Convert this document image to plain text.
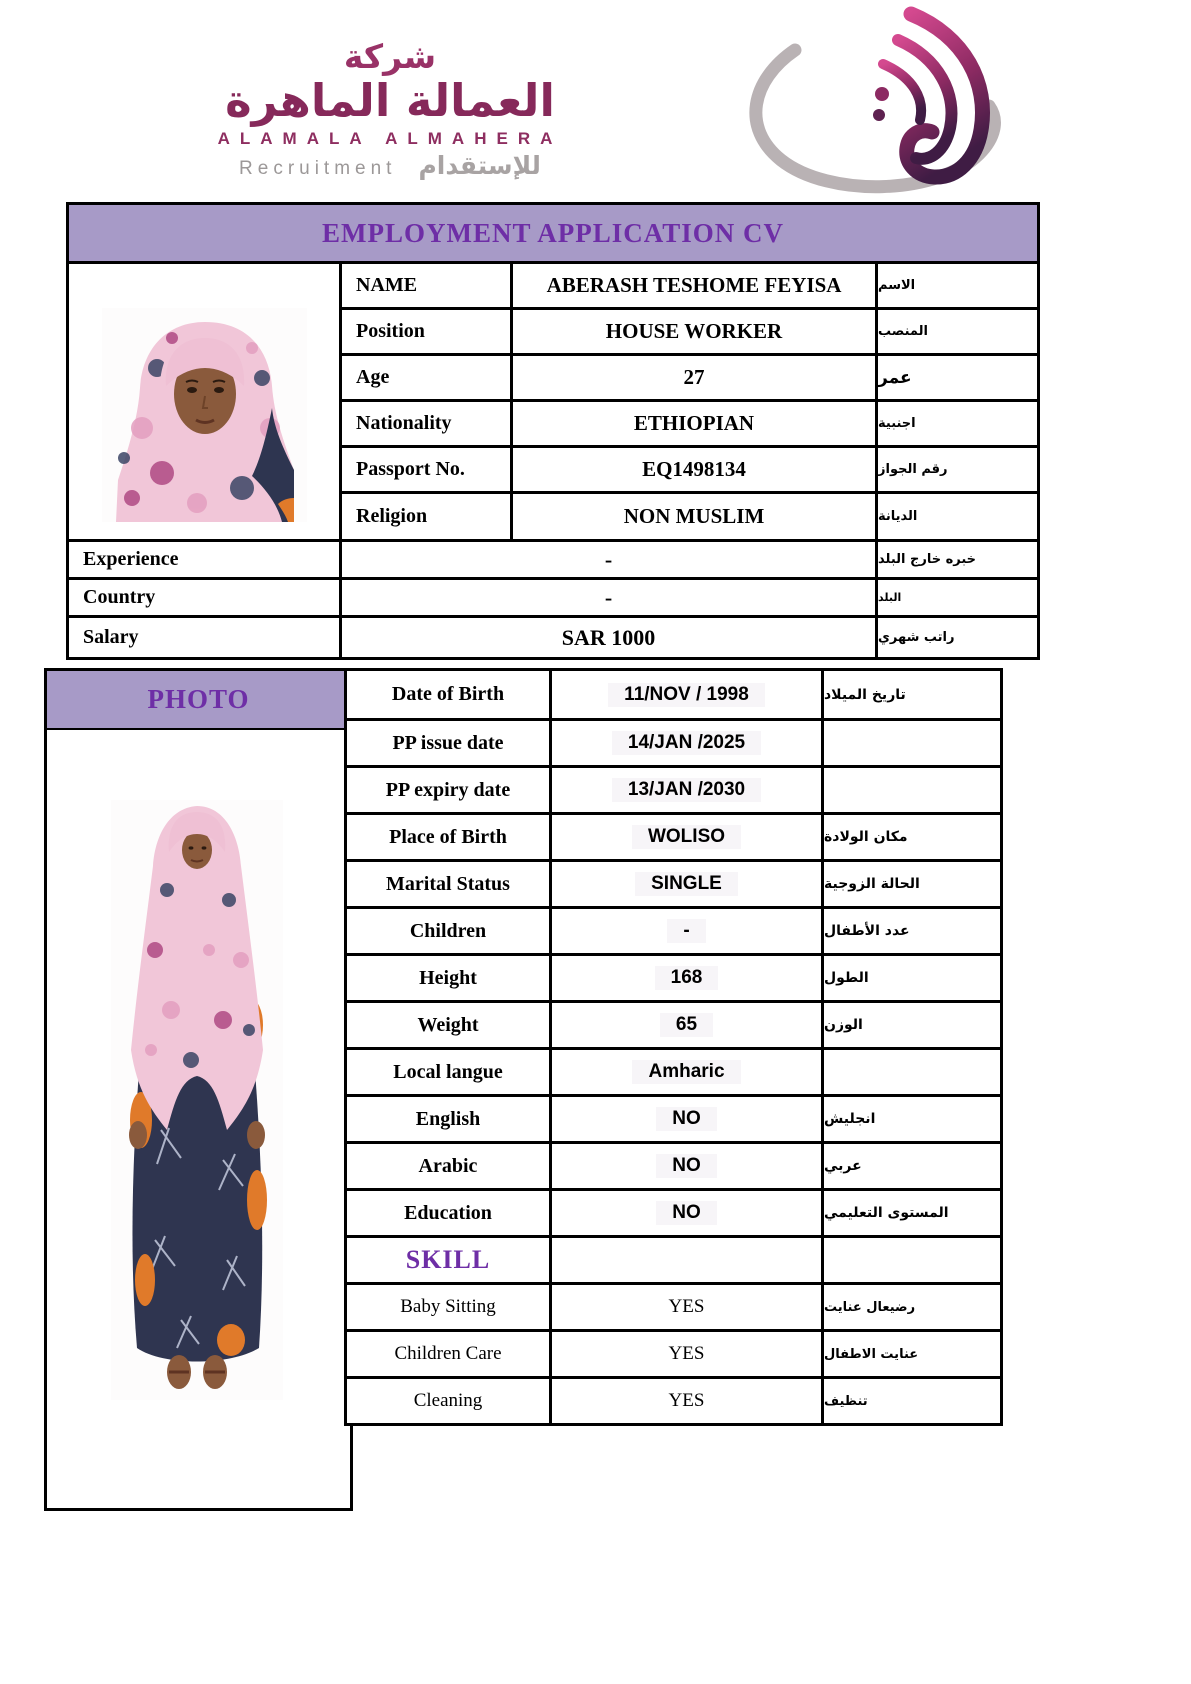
شركة
العمالة الماهرة
ALAMALA ALMAHERA
Recruitment للإستقدام
EMPLOYMENT APPLICATION CV
NAME	ABERASH TESHOME FEYISA	الاسم
Position	HOUSE WORKER	المنصب
Age	27	عمر
Nationality	ETHIOPIAN	اجنبية
Passport No.	EQ1498134	رقم الجواز
Religion	NON MUSLIM	الديانة
Experience	-	خبره خارج البلد
Country	-	البلد
Salary	SAR 1000	راتب شهري
PHOTO	Date of Birth	11/NOV / 1998	تاريخ الميلاد
PP issue date	14/JAN /2025
PP expiry date	13/JAN /2030
Place of Birth	WOLISO	مكان الولادة
Marital Status	SINGLE	الحالة الزوجية
Children	-	عدد الأطفال
Height	168	الطول
Weight	65	الوزن
Local langue	Amharic
English	NO	انجليش
Arabic	NO	عربي
Education	NO	المستوى التعليمي
SKILL
Baby Sitting	YES	رضيعال عنايت
Children Care	YES	عنايت الاطفال
Cleaning	YES	تنظيف
